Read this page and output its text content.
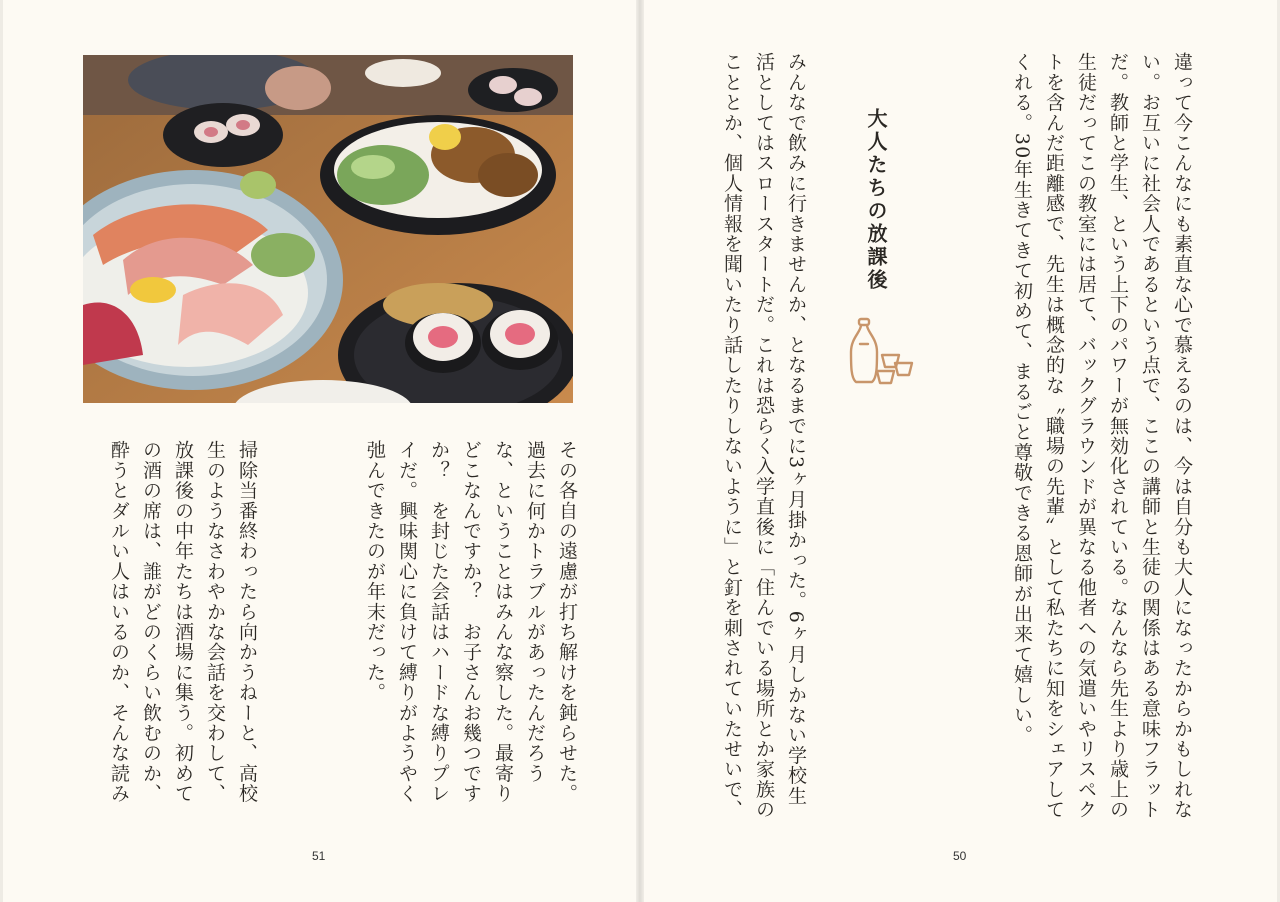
違って今こんなにも素直な心で慕えるのは、今は自分も大人になったからかもしれな
い。お互いに社会人であるという点で、ここの講師と生徒の関係はある意味フラット
だ。教師と学生、という上下のパワーが無効化されている。なんなら先生より歳上の
生徒だってこの教室には居て、バックグラウンドが異なる他者への気遣いやリスペク
トを含んだ距離感で、先生は概念的な〝職場の先輩〟として私たちに知をシェアして
くれる。30年生きてきて初めて、まるごと尊敬できる恩師が出来て嬉しい。
大人たちの放課後
みんなで飲みに行きませんか、となるまでに3ヶ月掛かった。6ヶ月しかない学校生
活としてはスロースタートだ。これは恐らく入学直後に「住んでいる場所とか家族の
こととか、個人情報を聞いたり話したりしないように」と釘を刺されていたせいで、
その各自の遠慮が打ち解けを鈍らせた。
過去に何かトラブルがあったんだろう
な、ということはみんな察した。最寄り
どこなんですか？　お子さんお幾つです
か？　を封じた会話はハードな縛りプレ
イだ。興味関心に負けて縛りがようやく
弛んできたのが年末だった。
掃除当番終わったら向かうねーと、高校
生のようなさわやかな会話を交わして、
放課後の中年たちは酒場に集う。初めて
の酒の席は、誰がどのくらい飲むのか、
酔うとダルい人はいるのか、そんな読み
51	50
